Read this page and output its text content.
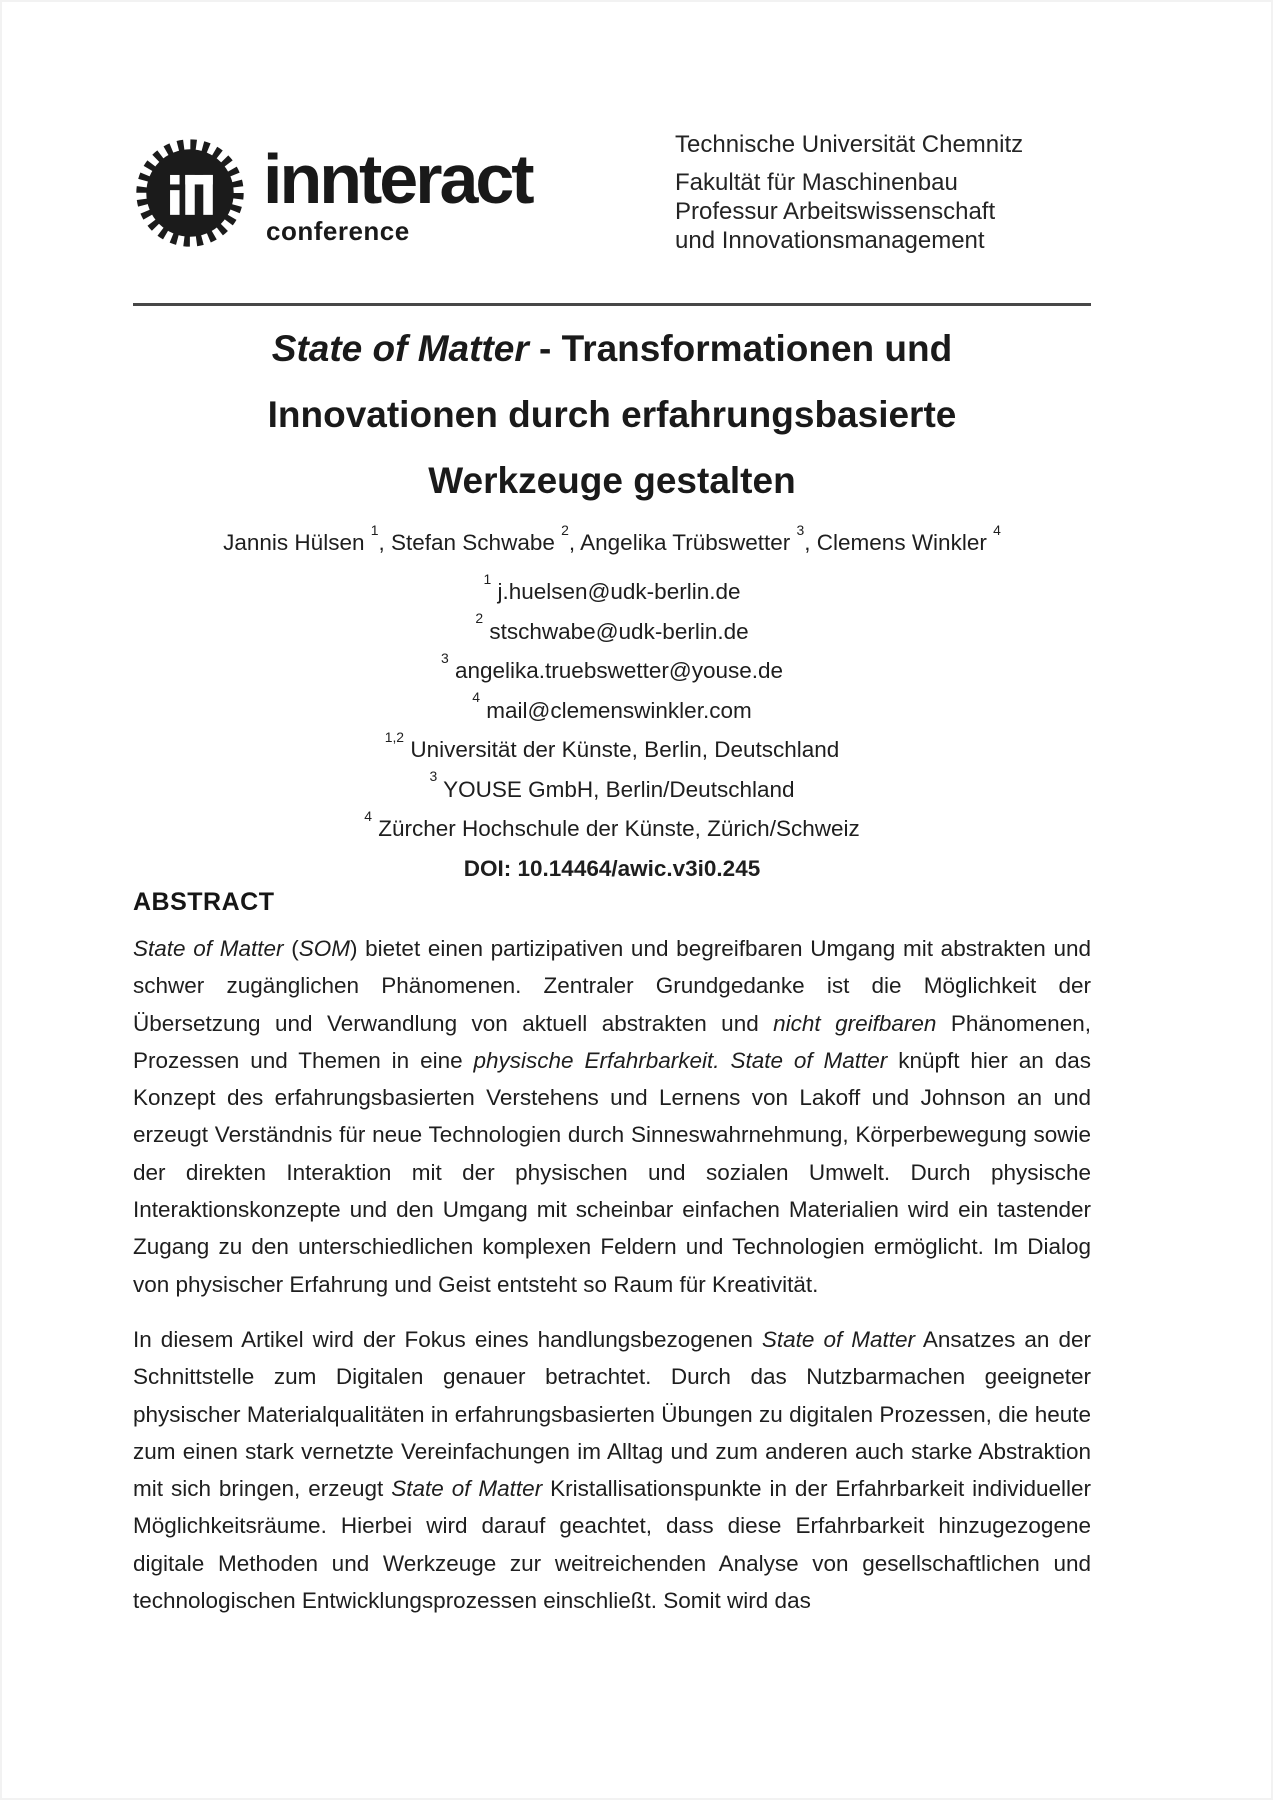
innteract
conference
Technische Universität Chemnitz
Fakultät für Maschinenbau
Professur Arbeitswissenschaft
und Innovationsmanagement
State of Matter - Transformationen und
Innovationen durch erfahrungsbasierte
Werkzeuge gestalten
Jannis Hülsen $^1$, Stefan Schwabe $^2$, Angelika Trübswetter $^3$, Clemens Winkler $^4$
$^1$ j.huelsen@udk-berlin.de
$^2$ stschwabe@udk-berlin.de
$^3$ angelika.truebswetter@youse.de
$^4$ mail@clemenswinkler.com
$^{1,2}$ Universität der Künste, Berlin, Deutschland
$^3$ YOUSE GmbH, Berlin/Deutschland
$^4$ Zürcher Hochschule der Künste, Zürich/Schweiz
DOI: 10.14464/awic.v3i0.245
ABSTRACT

State of Matter (SOM) bietet einen partizipativen und begreifbaren Umgang mit abstrakten und schwer zugänglichen Phänomenen. Zentraler Grundgedanke ist die Möglichkeit der Übersetzung und Verwandlung von aktuell abstrakten und nicht greifbaren Phänomenen, Prozessen und Themen in eine physische Erfahrbarkeit. State of Matter knüpft hier an das Konzept des erfahrungsbasierten Verstehens und Lernens von Lakoff und Johnson an und erzeugt Verständnis für neue Technologien durch Sinneswahrnehmung, Körperbewegung sowie der direkten Interaktion mit der physischen und sozialen Umwelt. Durch physische Interaktionskonzepte und den Umgang mit scheinbar einfachen Materialien wird ein tastender Zugang zu den unterschiedlichen komplexen Feldern und Technologien ermöglicht. Im Dialog von physischer Erfahrung und Geist entsteht so Raum für Kreativität.

In diesem Artikel wird der Fokus eines handlungsbezogenen State of Matter Ansatzes an der Schnittstelle zum Digitalen genauer betrachtet. Durch das Nutzbarmachen geeigneter physischer Materialqualitäten in erfahrungsbasierten Übungen zu digitalen Prozessen, die heute zum einen stark vernetzte Vereinfachungen im Alltag und zum anderen auch starke Abstraktion mit sich bringen, erzeugt State of Matter Kristallisationspunkte in der Erfahrbarkeit individueller Möglichkeitsräume. Hierbei wird darauf geachtet, dass diese Erfahrbarkeit hinzugezogene digitale Methoden und Werkzeuge zur weitreichenden Analyse von gesellschaftlichen und technologischen Entwicklungsprozessen einschließt. Somit wird das
